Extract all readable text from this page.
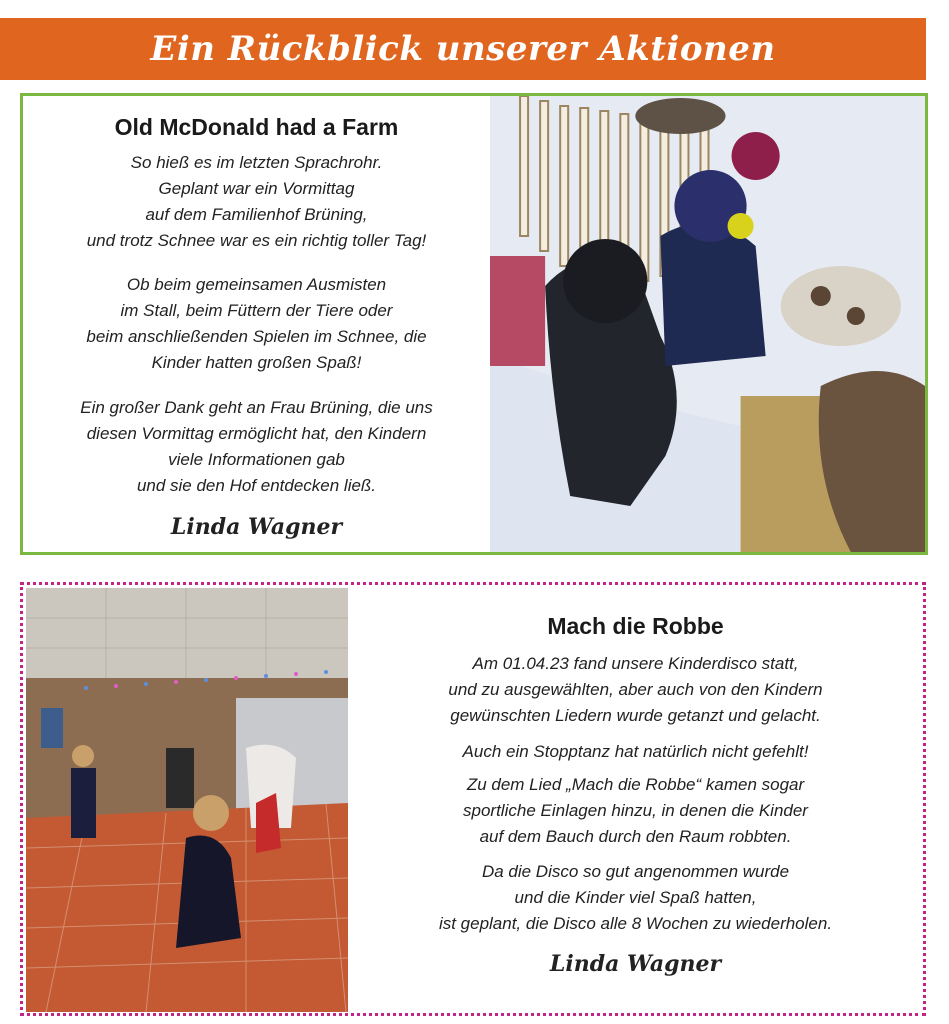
Ein Rückblick unserer Aktionen
Old McDonald had a Farm
So hieß es im letzten Sprachrohr.
Geplant war ein Vormittag
auf dem Familienhof Brüning,
und trotz Schnee war es ein richtig toller Tag!
Ob beim gemeinsamen Ausmisten
im Stall, beim Füttern der Tiere oder
beim anschließenden Spielen im Schnee, die
Kinder hatten großen Spaß!
Ein großer Dank geht an Frau Brüning, die uns
diesen Vormittag ermöglicht hat, den Kindern
viele Informationen gab
und sie den Hof entdecken ließ.
Linda Wagner
Mach die Robbe
Am 01.04.23 fand unsere Kinderdisco statt,
und zu ausgewählten, aber auch von den Kindern
gewünschten Liedern wurde getanzt und gelacht.
Auch ein Stopptanz hat natürlich nicht gefehlt!
Zu dem Lied „Mach die Robbe“ kamen sogar
sportliche Einlagen hinzu, in denen die Kinder
auf dem Bauch durch den Raum robbten.
Da die Disco so gut angenommen wurde
und die Kinder viel Spaß hatten,
ist geplant, die Disco alle 8 Wochen zu wiederholen.
Linda Wagner
